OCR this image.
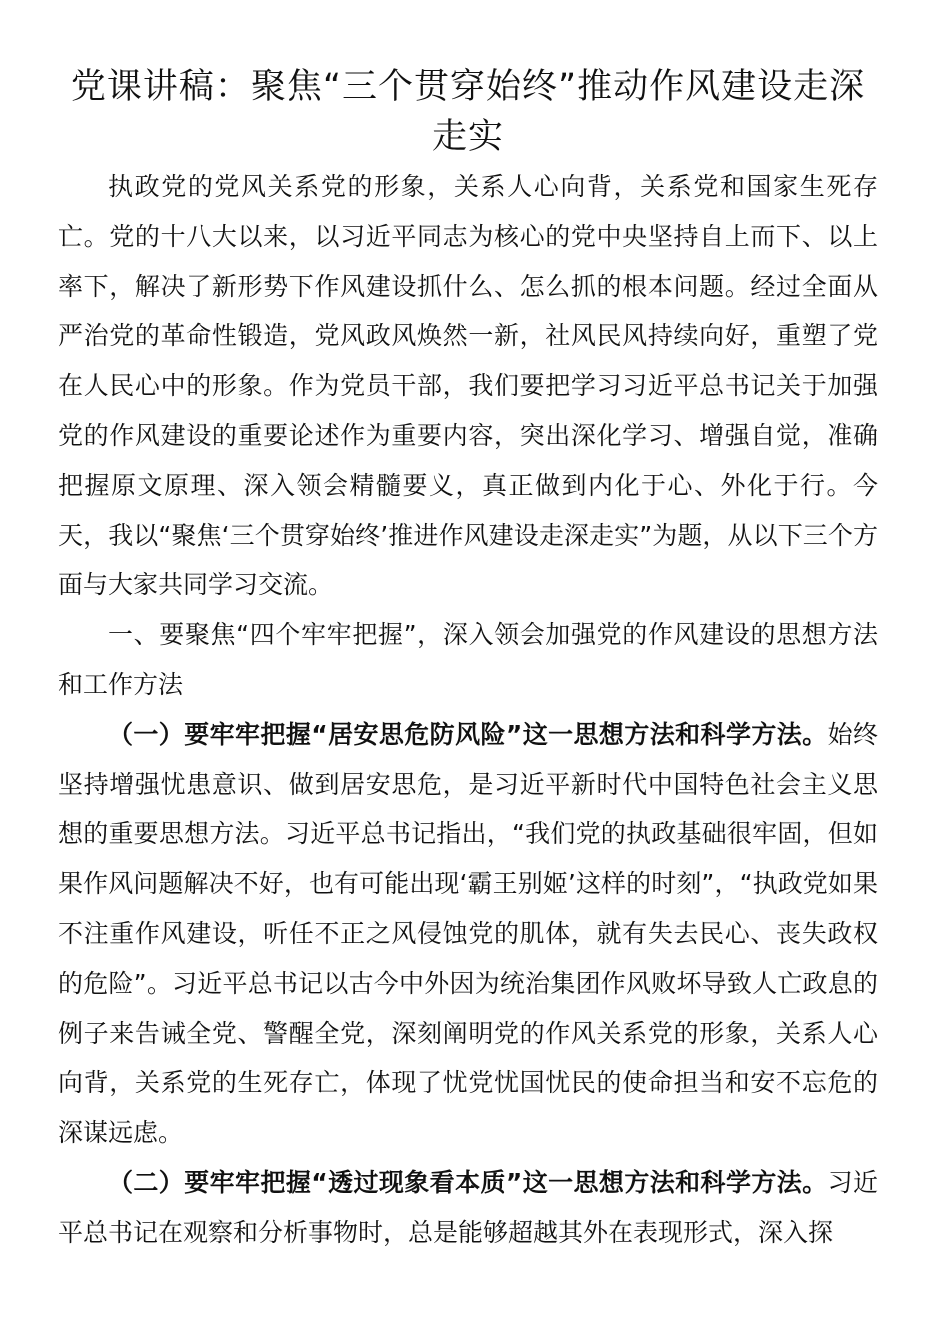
党课讲稿：聚焦“三个贯穿始终”推动作风建设走深走实

执政党的党风关系党的形象，关系人心向背，关系党和国家生死存亡。党的十八大以来，以习近平同志为核心的党中央坚持自上而下、以上率下，解决了新形势下作风建设抓什么、怎么抓的根本问题。经过全面从严治党的革命性锻造，党风政风焕然一新，社风民风持续向好，重塑了党在人民心中的形象。作为党员干部，我们要把学习习近平总书记关于加强党的作风建设的重要论述作为重要内容，突出深化学习、增强自觉，准确把握原文原理、深入领会精髓要义，真正做到内化于心、外化于行。今天，我以“聚焦‘三个贯穿始终’推进作风建设走深走实”为题，从以下三个方面与大家共同学习交流。

一、要聚焦“四个牢牢把握”，深入领会加强党的作风建设的思想方法和工作方法

（一）要牢牢把握“居安思危防风险”这一思想方法和科学方法。始终坚持增强忧患意识、做到居安思危，是习近平新时代中国特色社会主义思想的重要思想方法。习近平总书记指出，“我们党的执政基础很牢固，但如果作风问题解决不好，也有可能出现‘霸王别姬’这样的时刻”，“执政党如果不注重作风建设，听任不正之风侵蚀党的肌体，就有失去民心、丧失政权的危险”。习近平总书记以古今中外因为统治集团作风败坏导致人亡政息的例子来告诫全党、警醒全党，深刻阐明党的作风关系党的形象，关系人心向背，关系党的生死存亡，体现了忧党忧国忧民的使命担当和安不忘危的深谋远虑。

（二）要牢牢把握“透过现象看本质”这一思想方法和科学方法。习近平总书记在观察和分析事物时，总是能够超越其外在表现形式，深入探
